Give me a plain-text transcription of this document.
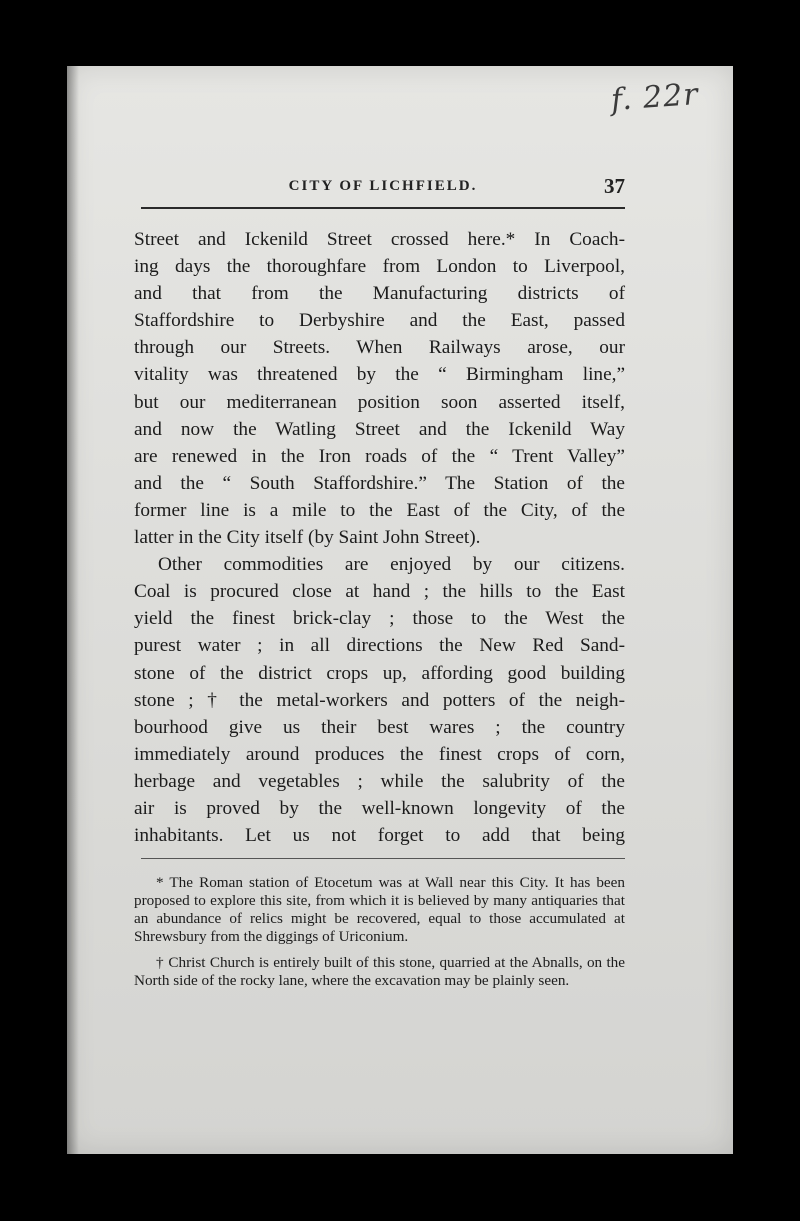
f. 22r
CITY OF LICHFIELD.	37
Street and Ickenild Street crossed here.* In Coach-
ing days the thoroughfare from London to Liverpool,
and that from the Manufacturing districts of
Staffordshire to Derbyshire and the East, passed
through our Streets. When Railways arose, our
vitality was threatened by the “ Birmingham line,”
but our mediterranean position soon asserted itself,
and now the Watling Street and the Ickenild Way
are renewed in the Iron roads of the “ Trent Valley”
and the “ South Staffordshire.” The Station of the
former line is a mile to the East of the City, of the
latter in the City itself (by Saint John Street).
Other commodities are enjoyed by our citizens.
Coal is procured close at hand ; the hills to the East
yield the finest brick-clay ; those to the West the
purest water ; in all directions the New Red Sand-
stone of the district crops up, affording good building
stone ; † the metal-workers and potters of the neigh-
bourhood give us their best wares ; the country
immediately around produces the finest crops of corn,
herbage and vegetables ; while the salubrity of the
air is proved by the well-known longevity of the
inhabitants. Let us not forget to add that being

* The Roman station of Etocetum was at Wall near this City. It has been proposed to explore this site, from which it is believed by many antiquaries that an abundance of relics might be recovered, equal to those accumulated at Shrewsbury from the diggings of Uriconium.

† Christ Church is entirely built of this stone, quarried at the Abnalls, on the North side of the rocky lane, where the excavation may be plainly seen.
